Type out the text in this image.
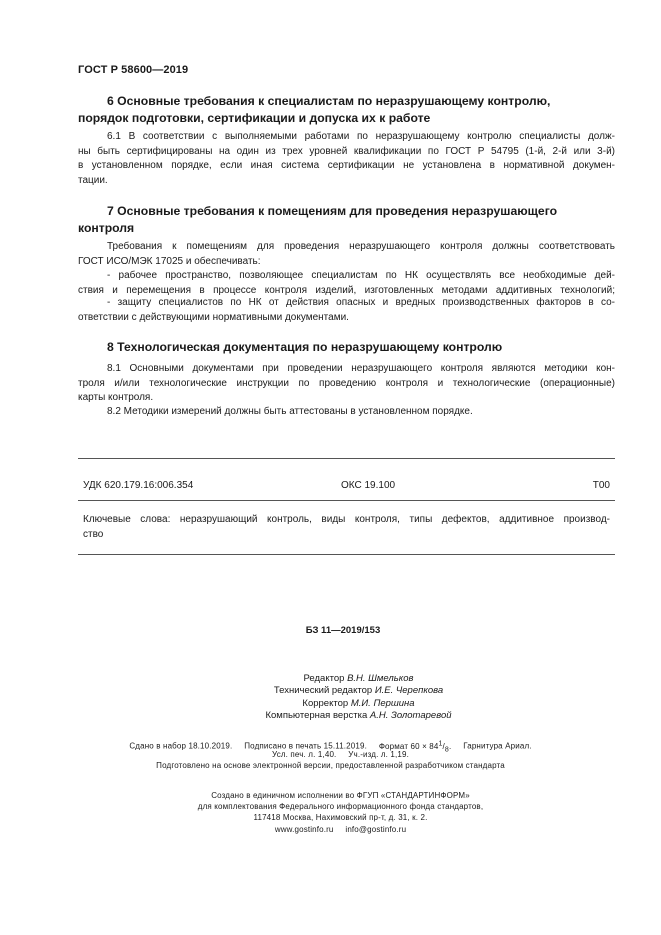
ГОСТ Р 58600—2019
6 Основные требования к специалистам по неразрушающему контролю,
порядок подготовки, сертификации и допуска их к работе
6.1 В соответствии с выполняемыми работами по неразрушающему контролю специалисты долж-
ны быть сертифицированы на один из трех уровней квалификации по ГОСТ Р 54795 (1-й, 2-й или 3-й)
в установленном порядке, если иная система сертификации не установлена в нормативной докумен-
тации.
7 Основные требования к помещениям для проведения неразрушающего
контроля
Требования к помещениям для проведения неразрушающего контроля должны соответствовать
ГОСТ ИСО/МЭК 17025 и обеспечивать:
- рабочее пространство, позволяющее специалистам по НК осуществлять все необходимые дей-
ствия и перемещения в процессе контроля изделий, изготовленных методами аддитивных технологий;
- защиту специалистов по НК от действия опасных и вредных производственных факторов в со-
ответствии с действующими нормативными документами.
8 Технологическая документация по неразрушающему контролю
8.1 Основными документами при проведении неразрушающего контроля являются методики кон-
троля и/или технологические инструкции по проведению контроля и технологические (операционные)
карты контроля.
8.2 Методики измерений должны быть аттестованы в установленном порядке.
УДК 620.179.16:006.354	ОКС 19.100	Т00
Ключевые слова: неразрушающий контроль, виды контроля, типы дефектов, аддитивное производ-
ство
БЗ 11—2019/153
Редактор В.Н. Шмельков
Технический редактор И.Е. Черепкова
Корректор М.И. Першина
Компьютерная верстка А.Н. Золотаревой
Сдано в набор 18.10.2019. Подписано в печать 15.11.2019. Формат $60 \times 84^1/_8$. Гарнитура Ариал.
Усл. печ. л. 1,40. Уч.-изд. л. 1,19.
Подготовлено на основе электронной версии, предоставленной разработчиком стандарта
Создано в единичном исполнении во ФГУП «СТАНДАРТИНФОРМ»
для комплектования Федерального информационного фонда стандартов,
117418 Москва, Нахимовский пр-т, д. 31, к. 2.
www.gostinfo.ru info@gostinfo.ru
